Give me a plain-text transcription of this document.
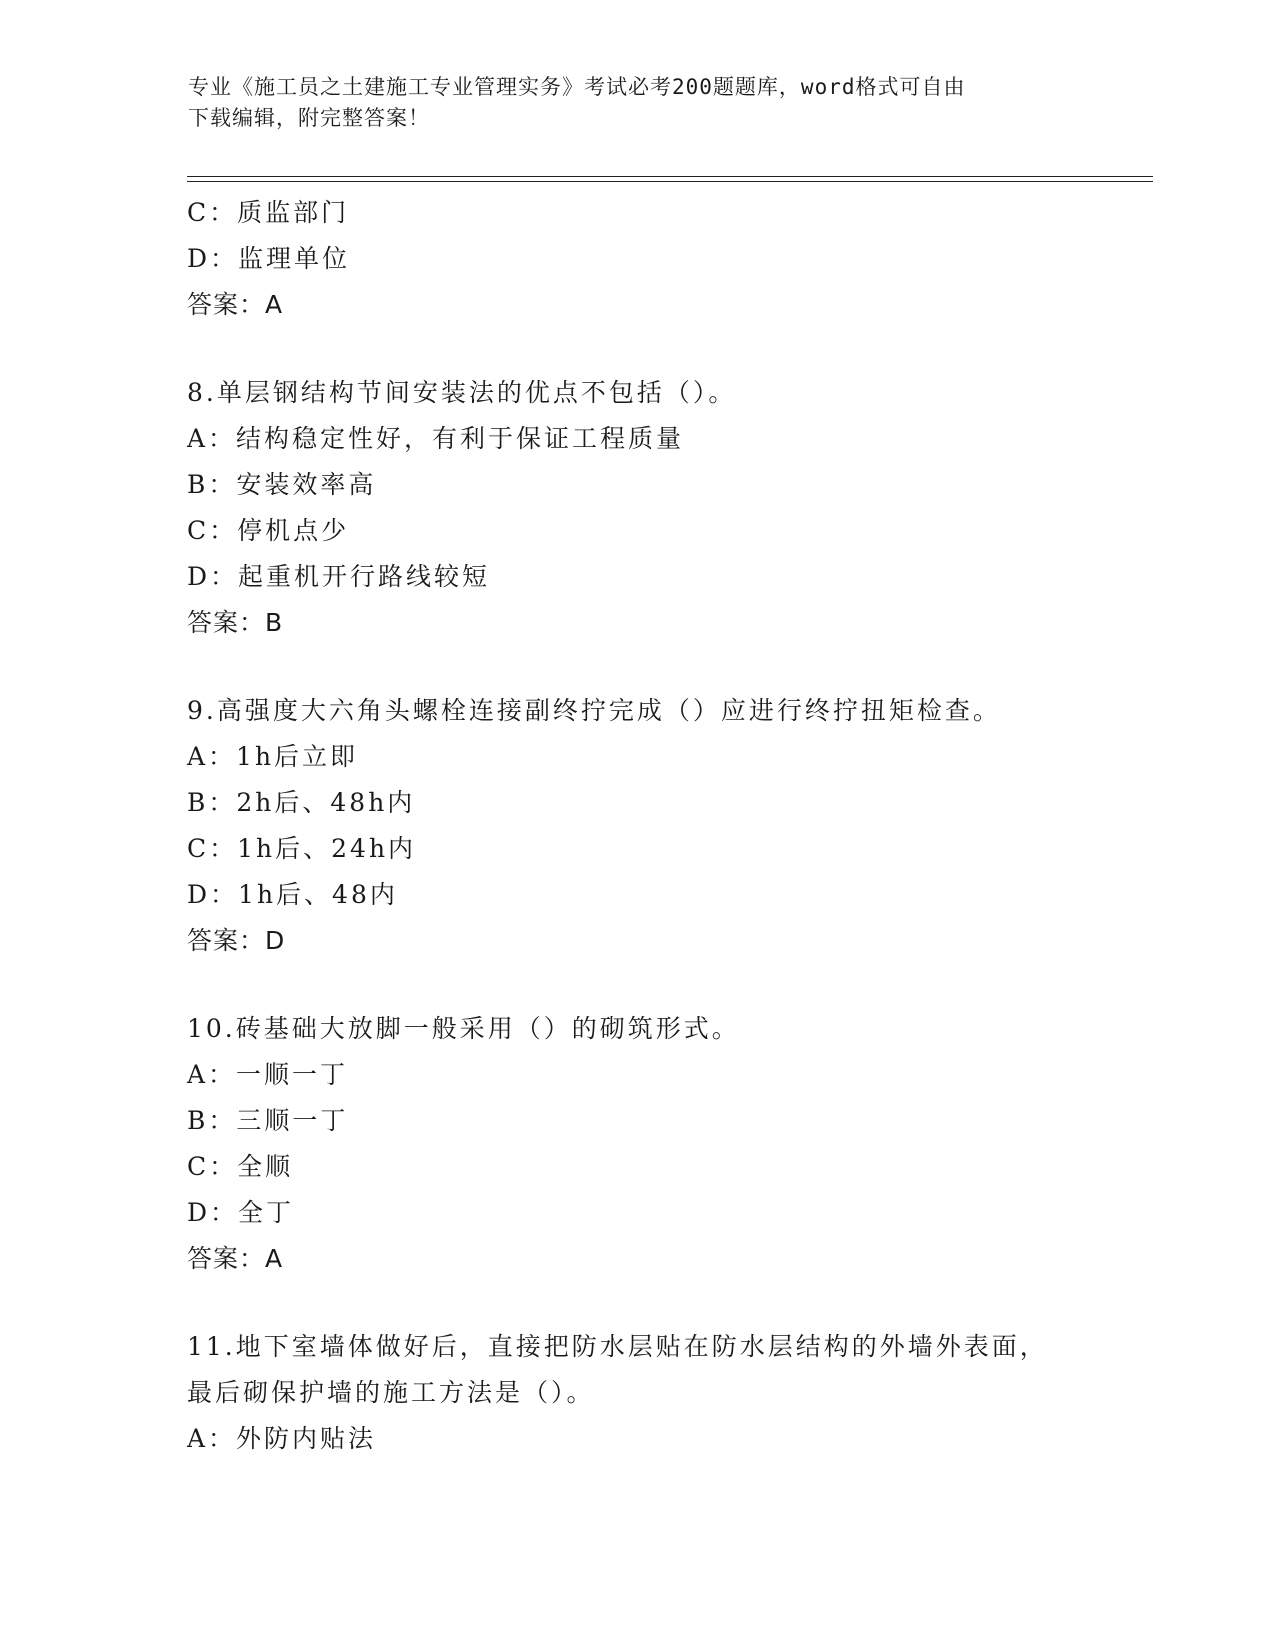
专业《施工员之土建施工专业管理实务》考试必考200题题库，word格式可自由
下载编辑，附完整答案！
C：质监部门
D：监理单位
答案：A
8.单层钢结构节间安装法的优点不包括（）。
A：结构稳定性好，有利于保证工程质量
B：安装效率高
C：停机点少
D：起重机开行路线较短
答案：B
9.高强度大六角头螺栓连接副终拧完成（）应进行终拧扭矩检查。
A：1h后立即
B：2h后、48h内
C：1h后、24h内
D：1h后、48内
答案：D
10.砖基础大放脚一般采用（）的砌筑形式。
A：一顺一丁
B：三顺一丁
C：全顺
D：全丁
答案：A
11.地下室墙体做好后，直接把防水层贴在防水层结构的外墙外表面，
最后砌保护墙的施工方法是（）。
A：外防内贴法
